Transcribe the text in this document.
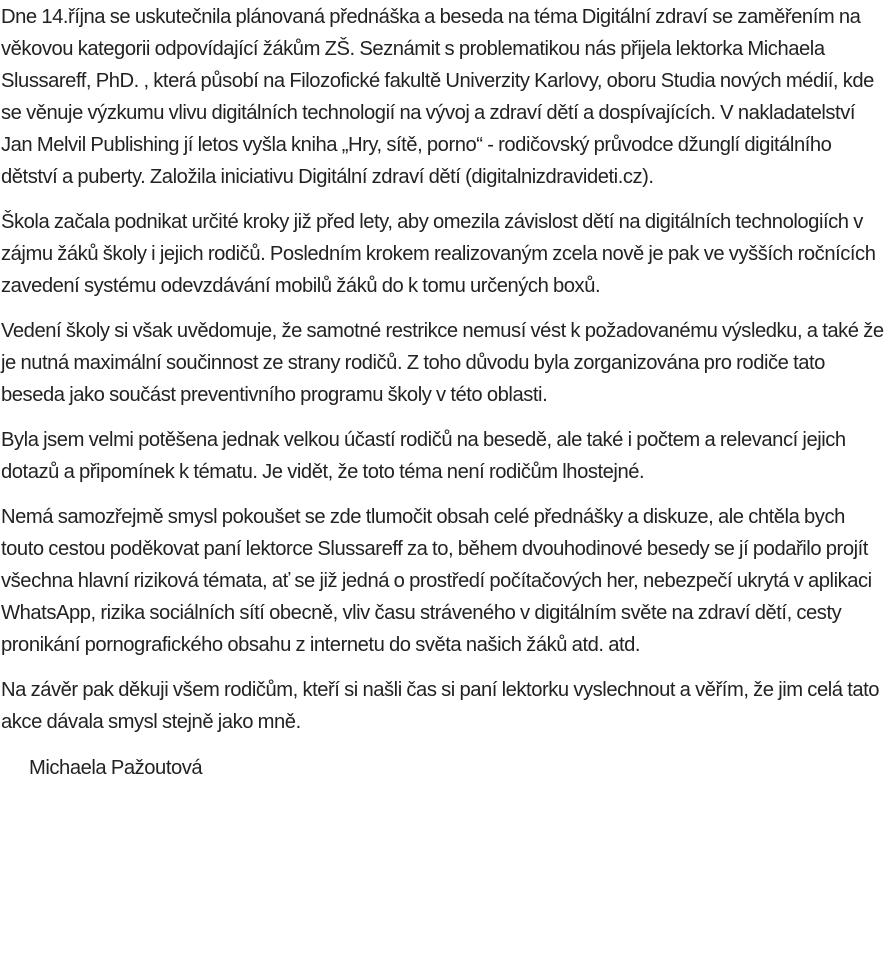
Dne 14.října se uskutečnila plánovaná přednáška a beseda na téma Digitální zdraví se zaměřením na věkovou kategorii odpovídající žákům ZŠ. Seznámit s problematikou nás přijela lektorka Michaela Slussareff, PhD. , která působí na Filozofické fakultě Univerzity Karlovy, oboru Studia nových médií, kde se věnuje výzkumu vlivu digitálních technologií na vývoj a zdraví dětí a dospívajících. V nakladatelství Jan Melvil Publishing jí letos vyšla kniha „Hry, sítě, porno“ - rodičovský průvodce džunglí digitálního dětství a puberty. Založila iniciativu Digitální zdraví dětí (digitalnizdravideti.cz).

Škola začala podnikat určité kroky již před lety, aby omezila závislost dětí na digitálních technologiích v zájmu žáků školy i jejich rodičů. Posledním krokem realizovaným zcela nově je pak ve vyšších ročnících zavedení systému odevzdávání mobilů žáků do k tomu určených boxů.

Vedení školy si však uvědomuje, že samotné restrikce nemusí vést k požadovanému výsledku, a také že je nutná maximální součinnost ze strany rodičů. Z toho důvodu byla zorganizována pro rodiče tato beseda jako součást preventivního programu školy v této oblasti.

Byla jsem velmi potěšena jednak velkou účastí rodičů na besedě, ale také i počtem a relevancí jejich dotazů a připomínek k tématu. Je vidět, že toto téma není rodičům lhostejné.

Nemá samozřejmě smysl pokoušet se zde tlumočit obsah celé přednášky a diskuze, ale chtěla bych touto cestou poděkovat paní lektorce Slussareff za to, během dvouhodinové besedy se jí podařilo projít všechna hlavní riziková témata, ať se již jedná o prostředí počítačových her, nebezpečí ukrytá v aplikaci WhatsApp, rizika sociálních sítí obecně, vliv času stráveného v digitálním světe na zdraví dětí, cesty pronikání pornografického obsahu z internetu do světa našich žáků atd. atd.

Na závěr pak děkuji všem rodičům, kteří si našli čas si paní lektorku vyslechnout a věřím, že jim celá tato akce dávala smysl stejně jako mně.

Michaela Pažoutová
